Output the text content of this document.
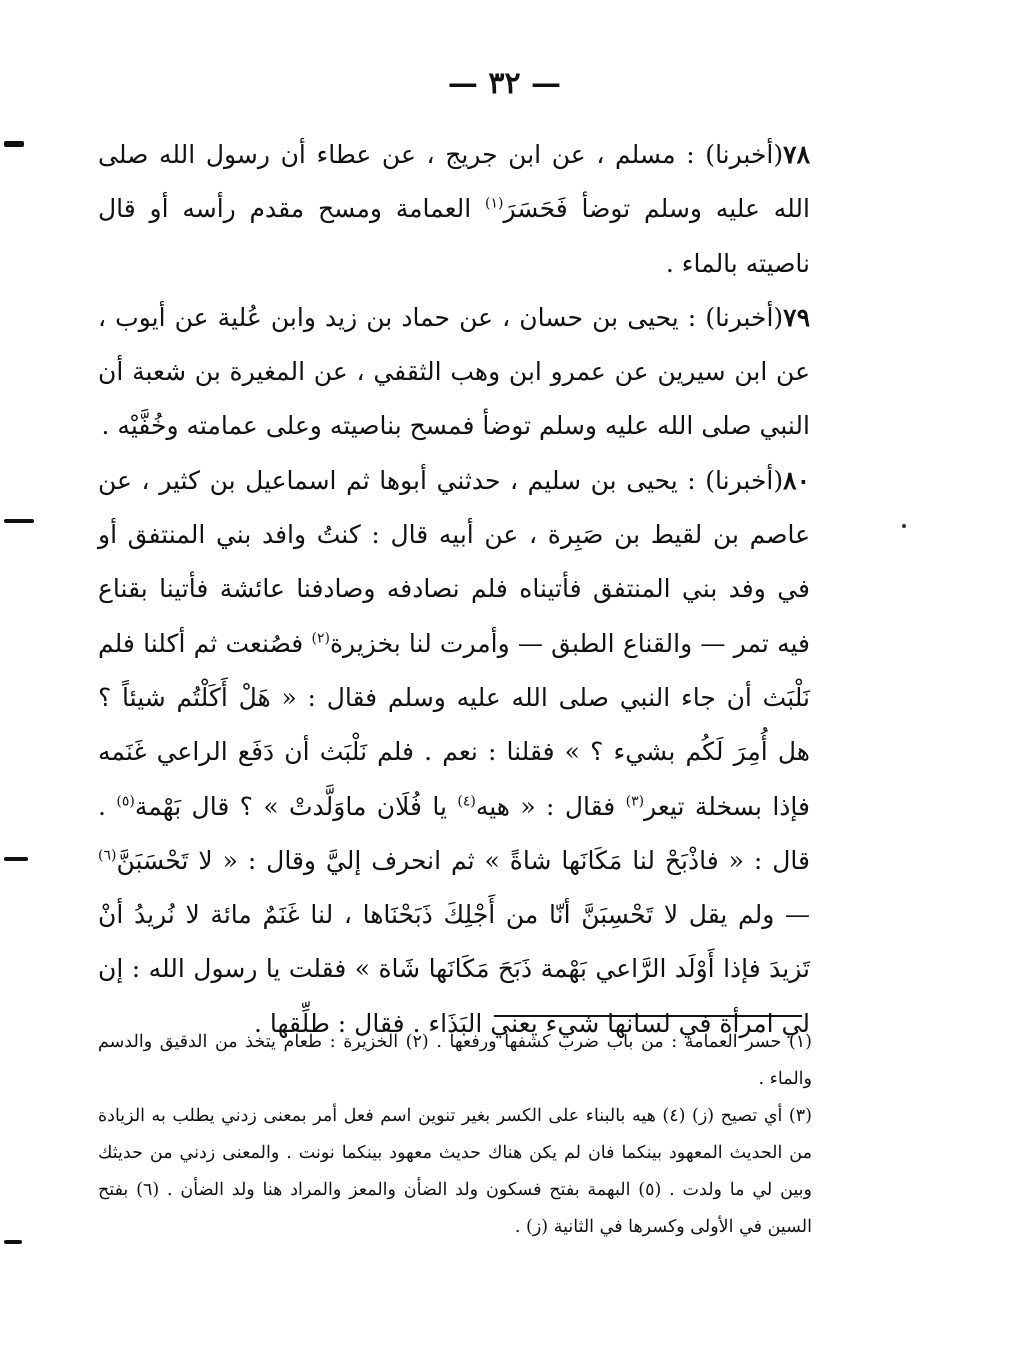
— ٣٢ —

٧٨(أخبرنا) : مسلم ، عن ابن جريج ، عن عطاء أن رسول الله صلى الله عليه وسلم توضأ فَحَسَرَ$^{(١)}$ العمامة ومسح مقدم رأسه أو قال ناصيته بالماء .

٧٩(أخبرنا) : يحيى بن حسان ، عن حماد بن زيد وابن عُلية عن أيوب ، عن ابن سيرين عن عمرو ابن وهب الثقفي ، عن المغيرة بن شعبة أن النبي صلى الله عليه وسلم توضأ فمسح بناصيته وعلى عمامته وخُفَّيْه .

٨٠(أخبرنا) : يحيى بن سليم ، حدثني أبوها ثم اسماعيل بن كثير ، عن عاصم بن لقيط بن صَبِرة ، عن أبيه قال : كنتُ وافد بني المنتفق أو في وفد بني المنتفق فأتيناه فلم نصادفه وصادفنا عائشة فأتينا بقناع فيه تمر — والقناع الطبق — وأمرت لنا بخزيرة$^{(٢)}$ فصُنعت ثم أكلنا فلم نَلْبَث أن جاء النبي صلى الله عليه وسلم فقال : « هَلْ أَكَلْتُم شيئاً ؟ هل أُمِرَ لَكُم بشيء ؟ » فقلنا : نعم . فلم نَلْبَث أن دَفَع الراعي غَنَمه فإذا بسخلة تيعر$^{(٣)}$ فقال : « هيه$^{(٤)}$ يا فُلَان ماوَلَّدتْ » ؟ قال بَهْمة$^{(٥)}$ . قال : « فاذْبَحْ لنا مَكَانَها شاةً » ثم انحرف إليَّ وقال : « لا تَحْسَبَنَّ$^{(٦)}$ — ولم يقل لا تَحْسِبَنَّ أنّا من أَجْلِكَ ذَبَحْنَاها ، لنا غَنَمٌ مائة لا نُريدُ أنْ تَزيدَ فإذا أَوْلَد الرَّاعي بَهْمة ذَبَحَ مَكَانَها شَاة » فقلت يا رسول الله : إن لي امرأة في لسانها شيء يعني البَذَاء . فقال : طلِّقها .

(١) حسر العمامة : من باب ضرب كشفها ورفعها . (٢) الخزيرة : طعام يتخذ من الدقيق والدسم والماء .

(٣) أي تصيح (ز) (٤) هيه بالبناء على الكسر بغير تنوين اسم فعل أمر بمعنى زدني يطلب به الزيادة من الحديث المعهود بينكما فان لم يكن هناك حديث معهود بينكما نونت . والمعنى زدني من حديثك وبين لي ما ولدت . (٥) البهمة بفتح فسكون ولد الضأن والمعز والمراد هنا ولد الضأن . (٦) بفتح السين في الأولى وكسرها في الثانية (ز) .
